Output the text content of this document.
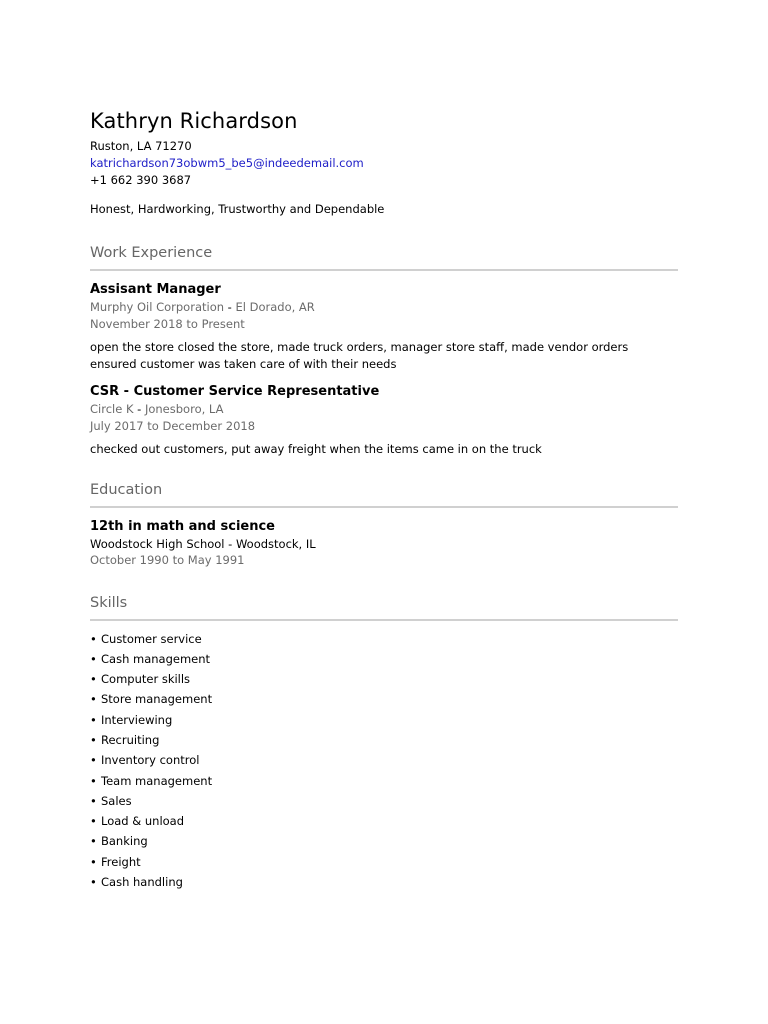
Kathryn Richardson

Ruston, LA 71270

katrichardson73obwm5_be5@indeedemail.com

+1 662 390 3687

Honest, Hardworking, Trustworthy and Dependable

Work Experience

Assisant Manager

Murphy Oil Corporation - El Dorado, AR

November 2018 to Present

open the store closed the store, made truck orders, manager store staff, made vendor orders ensured customer was taken care of with their needs

CSR - Customer Service Representative

Circle K - Jonesboro, LA

July 2017 to December 2018

checked out customers, put away freight when the items came in on the truck

Education

12th in math and science

Woodstock High School - Woodstock, IL

October 1990 to May 1991

Skills
• Customer service
• Cash management
• Computer skills
• Store management
• Interviewing
• Recruiting
• Inventory control
• Team management
• Sales
• Load & unload
• Banking
• Freight
• Cash handling
